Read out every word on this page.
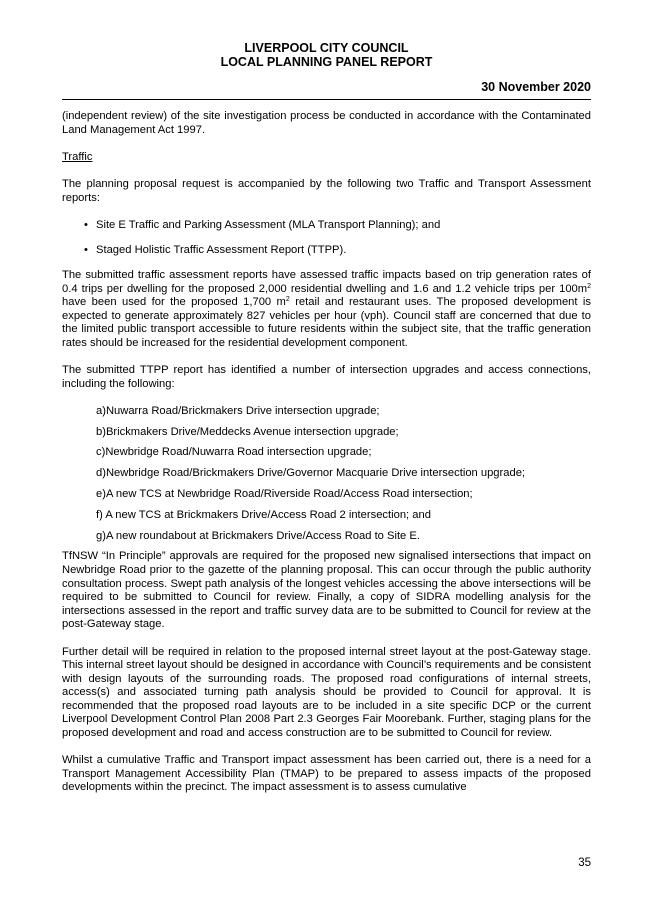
LIVERPOOL CITY COUNCIL
LOCAL PLANNING PANEL REPORT
30 November 2020

(independent review) of the site investigation process be conducted in accordance with the Contaminated Land Management Act 1997.

Traffic

The planning proposal request is accompanied by the following two Traffic and Transport Assessment reports:

• Site E Traffic and Parking Assessment (MLA Transport Planning); and
• Staged Holistic Traffic Assessment Report (TTPP).

The submitted traffic assessment reports have assessed traffic impacts based on trip generation rates of 0.4 trips per dwelling for the proposed 2,000 residential dwelling and 1.6 and 1.2 vehicle trips per $100m^2$ have been used for the proposed 1,700 $m^2$ retail and restaurant uses. The proposed development is expected to generate approximately 827 vehicles per hour (vph). Council staff are concerned that due to the limited public transport accessible to future residents within the subject site, that the traffic generation rates should be increased for the residential development component.

The submitted TTPP report has identified a number of intersection upgrades and access connections, including the following:

a)Nuwarra Road/Brickmakers Drive intersection upgrade;
b)Brickmakers Drive/Meddecks Avenue intersection upgrade;
c)Newbridge Road/Nuwarra Road intersection upgrade;
d)Newbridge Road/Brickmakers Drive/Governor Macquarie Drive intersection upgrade;
e)A new TCS at Newbridge Road/Riverside Road/Access Road intersection;
f) A new TCS at Brickmakers Drive/Access Road 2 intersection; and
g)A new roundabout at Brickmakers Drive/Access Road to Site E.

TfNSW “In Principle” approvals are required for the proposed new signalised intersections that impact on Newbridge Road prior to the gazette of the planning proposal. This can occur through the public authority consultation process. Swept path analysis of the longest vehicles accessing the above intersections will be required to be submitted to Council for review. Finally, a copy of SIDRA modelling analysis for the intersections assessed in the report and traffic survey data are to be submitted to Council for review at the post-Gateway stage.

Further detail will be required in relation to the proposed internal street layout at the post-Gateway stage. This internal street layout should be designed in accordance with Council’s requirements and be consistent with design layouts of the surrounding roads. The proposed road configurations of internal streets, access(s) and associated turning path analysis should be provided to Council for approval. It is recommended that the proposed road layouts are to be included in a site specific DCP or the current Liverpool Development Control Plan 2008 Part 2.3 Georges Fair Moorebank. Further, staging plans for the proposed development and road and access construction are to be submitted to Council for review.

Whilst a cumulative Traffic and Transport impact assessment has been carried out, there is a need for a Transport Management Accessibility Plan (TMAP) to be prepared to assess impacts of the proposed developments within the precinct. The impact assessment is to assess cumulative

35
